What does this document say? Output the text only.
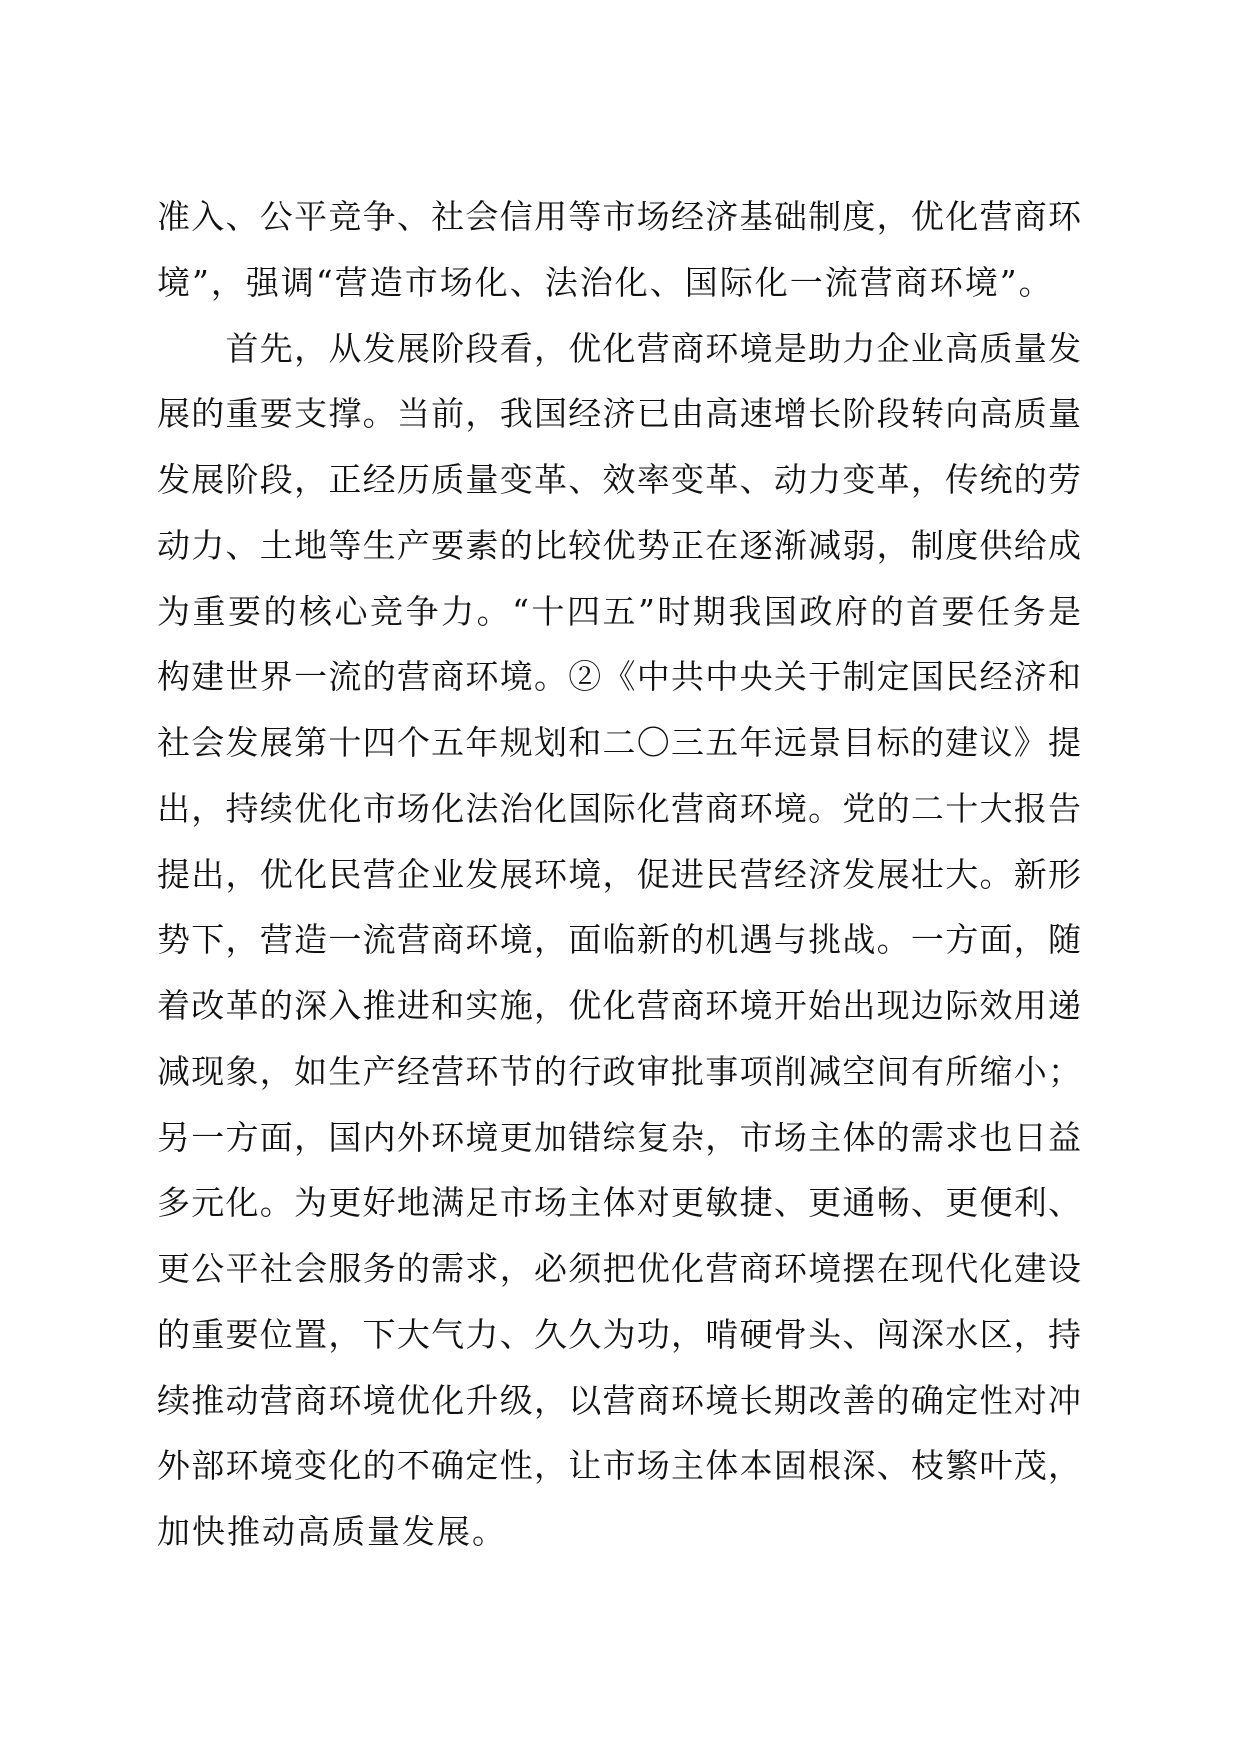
准入、公平竞争、社会信用等市场经济基础制度，优化营商环
境”，强调“营造市场化、法治化、国际化一流营商环境”。
　　首先，从发展阶段看，优化营商环境是助力企业高质量发
展的重要支撑。当前，我国经济已由高速增长阶段转向高质量
发展阶段，正经历质量变革、效率变革、动力变革，传统的劳
动力、土地等生产要素的比较优势正在逐渐减弱，制度供给成
为重要的核心竞争力。“十四五”时期我国政府的首要任务是
构建世界一流的营商环境。②《中共中央关于制定国民经济和
社会发展第十四个五年规划和二〇三五年远景目标的建议》提
出，持续优化市场化法治化国际化营商环境。党的二十大报告
提出，优化民营企业发展环境，促进民营经济发展壮大。新形
势下，营造一流营商环境，面临新的机遇与挑战。一方面，随
着改革的深入推进和实施，优化营商环境开始出现边际效用递
减现象，如生产经营环节的行政审批事项削减空间有所缩小；
另一方面，国内外环境更加错综复杂，市场主体的需求也日益
多元化。为更好地满足市场主体对更敏捷、更通畅、更便利、
更公平社会服务的需求，必须把优化营商环境摆在现代化建设
的重要位置，下大气力、久久为功，啃硬骨头、闯深水区，持
续推动营商环境优化升级，以营商环境长期改善的确定性对冲
外部环境变化的不确定性，让市场主体本固根深、枝繁叶茂，
加快推动高质量发展。
